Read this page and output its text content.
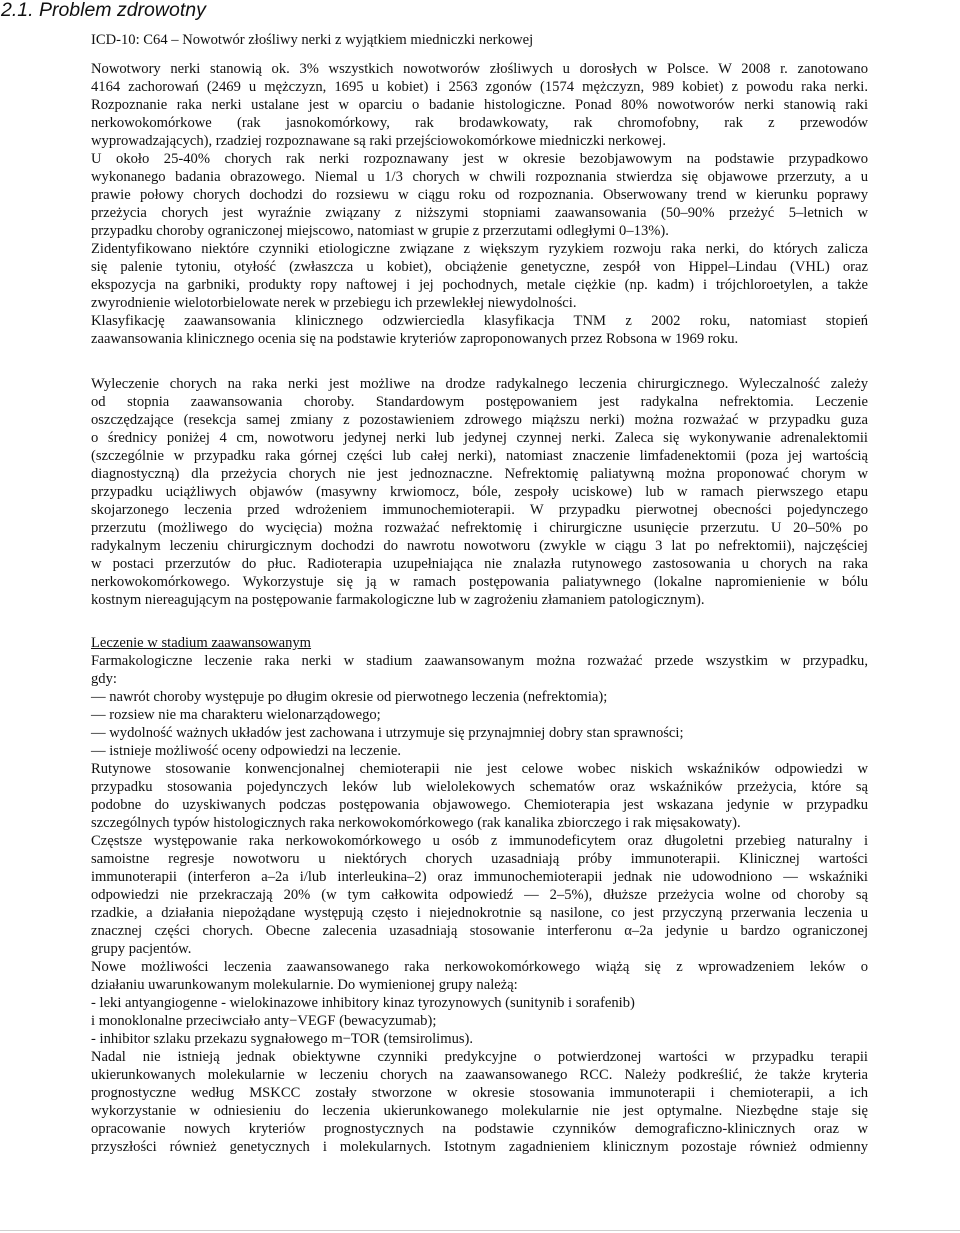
2.1. Problem zdrowotny
ICD-10: C64 – Nowotwór złośliwy nerki z wyjątkiem miedniczki nerkowej
Nowotwory nerki stanowią ok. 3% wszystkich nowotworów złośliwych u dorosłych w Polsce. W 2008 r. zanotowano
4164 zachorowań (2469 u mężczyzn, 1695 u kobiet) i 2563 zgonów (1574 mężczyzn, 989 kobiet) z powodu raka nerki.
Rozpoznanie raka nerki ustalane jest w oparciu o badanie histologiczne. Ponad 80% nowotworów nerki stanowią raki
nerkowokomórkowe (rak jasnokomórkowy, rak brodawkowaty, rak chromofobny, rak z przewodów
wyprowadzających), rzadziej rozpoznawane są raki przejściowokomórkowe miedniczki nerkowej.
U około 25-40% chorych rak nerki rozpoznawany jest w okresie bezobjawowym na podstawie przypadkowo
wykonanego badania obrazowego. Niemal u 1/3 chorych w chwili rozpoznania stwierdza się objawowe przerzuty, a u
prawie połowy chorych dochodzi do rozsiewu w ciągu roku od rozpoznania. Obserwowany trend w kierunku poprawy
przeżycia chorych jest wyraźnie związany z niższymi stopniami zaawansowania (50–90% przeżyć 5–letnich w
przypadku choroby ograniczonej miejscowo, natomiast w grupie z przerzutami odległymi 0–13%).
Zidentyfikowano niektóre czynniki etiologiczne związane z większym ryzykiem rozwoju raka nerki, do których zalicza
się palenie tytoniu, otyłość (zwłaszcza u kobiet), obciążenie genetyczne, zespół von Hippel–Lindau (VHL) oraz
ekspozycja na garbniki, produkty ropy naftowej i jej pochodnych, metale ciężkie (np. kadm) i trójchloroetylen, a także
zwyrodnienie wielotorbielowate nerek w przebiegu ich przewlekłej niewydolności.
Klasyfikację zaawansowania klinicznego odzwierciedla klasyfikacja TNM z 2002 roku, natomiast stopień
zaawansowania klinicznego ocenia się na podstawie kryteriów zaproponowanych przez Robsona w 1969 roku.
Wyleczenie chorych na raka nerki jest możliwe na drodze radykalnego leczenia chirurgicznego. Wyleczalność zależy
od stopnia zaawansowania choroby. Standardowym postępowaniem jest radykalna nefrektomia. Leczenie
oszczędzające (resekcja samej zmiany z pozostawieniem zdrowego miąższu nerki) można rozważać w przypadku guza
o średnicy poniżej 4 cm, nowotworu jedynej nerki lub jedynej czynnej nerki. Zaleca się wykonywanie adrenalektomii
(szczególnie w przypadku raka górnej części lub całej nerki), natomiast znaczenie limfadenektomii (poza jej wartością
diagnostyczną) dla przeżycia chorych nie jest jednoznaczne. Nefrektomię paliatywną można proponować chorym w
przypadku uciążliwych objawów (masywny krwiomocz, bóle, zespoły uciskowe) lub w ramach pierwszego etapu
skojarzonego leczenia przed wdrożeniem immunochemioterapii. W przypadku pierwotnej obecności pojedynczego
przerzutu (możliwego do wycięcia) można rozważać nefrektomię i chirurgiczne usunięcie przerzutu. U 20–50% po
radykalnym leczeniu chirurgicznym dochodzi do nawrotu nowotworu (zwykle w ciągu 3 lat po nefrektomii), najczęściej
w postaci przerzutów do płuc. Radioterapia uzupełniająca nie znalazła rutynowego zastosowania u chorych na raka
nerkowokomórkowego. Wykorzystuje się ją w ramach postępowania paliatywnego (lokalne napromienienie w bólu
kostnym niereagującym na postępowanie farmakologiczne lub w zagrożeniu złamaniem patologicznym).
Leczenie w stadium zaawansowanym
Farmakologiczne leczenie raka nerki w stadium zaawansowanym można rozważać przede wszystkim w przypadku,
gdy:
— nawrót choroby występuje po długim okresie od pierwotnego leczenia (nefrektomia);
— rozsiew nie ma charakteru wielonarządowego;
— wydolność ważnych układów jest zachowana i utrzymuje się przynajmniej dobry stan sprawności;
— istnieje możliwość oceny odpowiedzi na leczenie.
Rutynowe stosowanie konwencjonalnej chemioterapii nie jest celowe wobec niskich wskaźników odpowiedzi w
przypadku stosowania pojedynczych leków lub wielolekowych schematów oraz wskaźników przeżycia, które są
podobne do uzyskiwanych podczas postępowania objawowego. Chemioterapia jest wskazana jedynie w przypadku
szczególnych typów histologicznych raka nerkowokomórkowego (rak kanalika zbiorczego i rak mięsakowaty).
Częstsze występowanie raka nerkowokomórkowego u osób z immunodeficytem oraz długoletni przebieg naturalny i
samoistne regresje nowotworu u niektórych chorych uzasadniają próby immunoterapii. Klinicznej wartości
immunoterapii (interferon a–2a i/lub interleukina–2) oraz immunochemioterapii jednak nie udowodniono — wskaźniki
odpowiedzi nie przekraczają 20% (w tym całkowita odpowiedź — 2–5%), dłuższe przeżycia wolne od choroby są
rzadkie, a działania niepożądane występują często i niejednokrotnie są nasilone, co jest przyczyną przerwania leczenia u
znacznej części chorych. Obecne zalecenia uzasadniają stosowanie interferonu α–2a jedynie u bardzo ograniczonej
grupy pacjentów.
Nowe możliwości leczenia zaawansowanego raka nerkowokomórkowego wiążą się z wprowadzeniem leków o
działaniu uwarunkowanym molekularnie. Do wymienionej grupy należą:
- leki antyangiogenne - wielokinazowe inhibitory kinaz tyrozynowych (sunitynib i sorafenib)
i monoklonalne przeciwciało anty−VEGF (bewacyzumab);
- inhibitor szlaku przekazu sygnałowego m−TOR (temsirolimus).
Nadal nie istnieją jednak obiektywne czynniki predykcyjne o potwierdzonej wartości w przypadku terapii
ukierunkowanych molekularnie w leczeniu chorych na zaawansowanego RCC. Należy podkreślić, że także kryteria
prognostyczne według MSKCC zostały stworzone w okresie stosowania immunoterapii i chemioterapii, a ich
wykorzystanie w odniesieniu do leczenia ukierunkowanego molekularnie nie jest optymalne. Niezbędne staje się
opracowanie nowych kryteriów prognostycznych na podstawie czynników demograficzno-klinicznych oraz w
przyszłości również genetycznych i molekularnych. Istotnym zagadnieniem klinicznym pozostaje również odmienny
